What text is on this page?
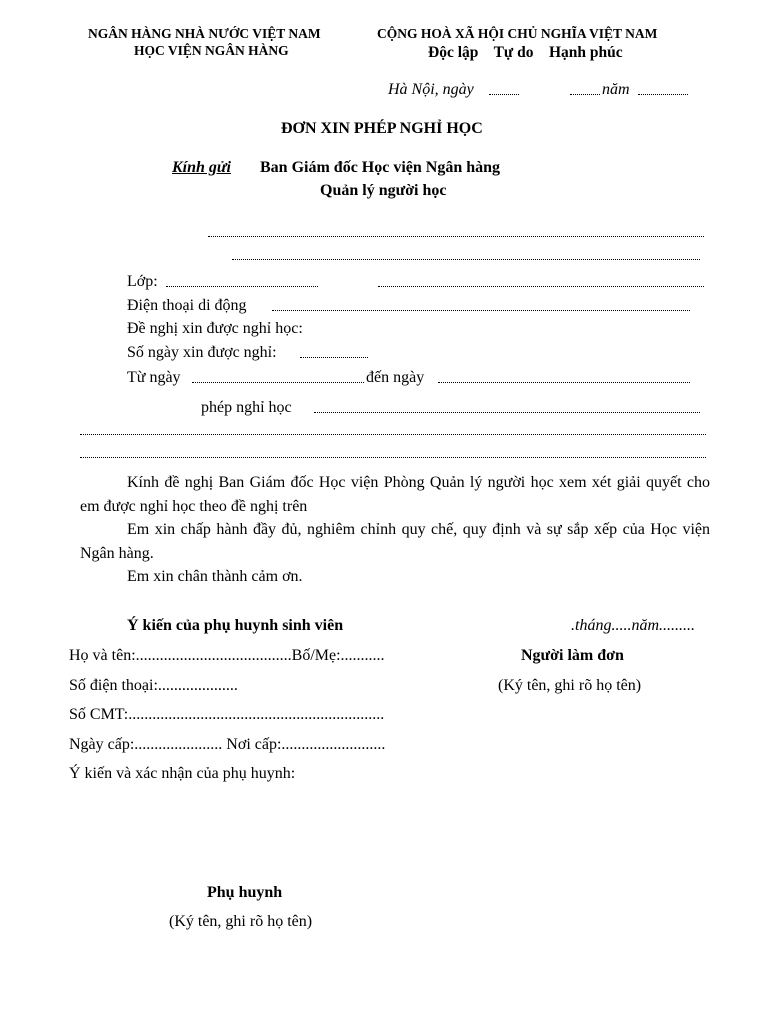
NGÂN HÀNG NHÀ NƯỚC VIỆT NAM
HỌC VIỆN NGÂN HÀNG
CỘNG HOÀ XÃ HỘI CHỦ NGHĨA VIỆT NAM
Độc lập    Tự do    Hạnh phúc
Hà Nội, ngày	năm
ĐƠN XIN PHÉP NGHỈ HỌC
Kính gửi Ban Giám đốc Học viện Ngân hàng
Quản lý người học
Lớp:
Điện thoại di động
Đề nghị xin được nghỉ học:
Số ngày xin được nghỉ:
Từ ngày	đến ngày
phép nghỉ học
Kính đề nghị Ban Giám đốc Học viện Phòng Quản lý người học xem xét giải quyết cho em được nghỉ học theo đề nghị trên
Em xin chấp hành đầy đủ, nghiêm chỉnh quy chế, quy định và sự sắp xếp của Học viện Ngân hàng.
Em xin chân thành cảm ơn.
Ý kiến của phụ huynh sinh viên	.tháng.....năm.........
Họ và tên:.......................................Bố/Mẹ:...........	Người làm đơn
Số điện thoại:....................	(Ký tên, ghi rõ họ tên)
Số CMT:................................................................
Ngày cấp:...................... Nơi cấp:..........................
Ý kiến và xác nhận của phụ huynh:
Phụ huynh
(Ký tên, ghi rõ họ tên)
